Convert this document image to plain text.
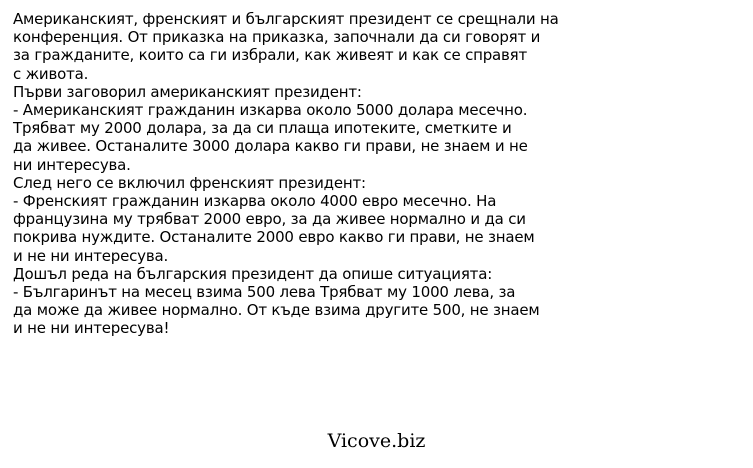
Американският, френският и българският президент се срещнали на
конференция. От приказка на приказка, започнали да си говорят и
за гражданите, които са ги избрали, как живеят и как се справят
с живота.
Първи заговорил американският президент:
- Американският гражданин изкарва около 5000 долара месечно.
Трябват му 2000 долара, за да си плаща ипотеките, сметките и
да живее. Останалите 3000 долара какво ги прави, не знаем и не
ни интересува.
След него се включил френският президент:
- Френският гражданин изкарва около 4000 евро месечно. На
французина му трябват 2000 евро, за да живее нормално и да си
покрива нуждите. Останалите 2000 евро какво ги прави, не знаем
и не ни интересува.
Дошъл реда на българския президент да опише ситуацията:
- Българинът на месец взима 500 лева Трябват му 1000 лева, за
да може да живее нормално. От къде взима другите 500, не знаем
и не ни интересува!
Vicove.biz
